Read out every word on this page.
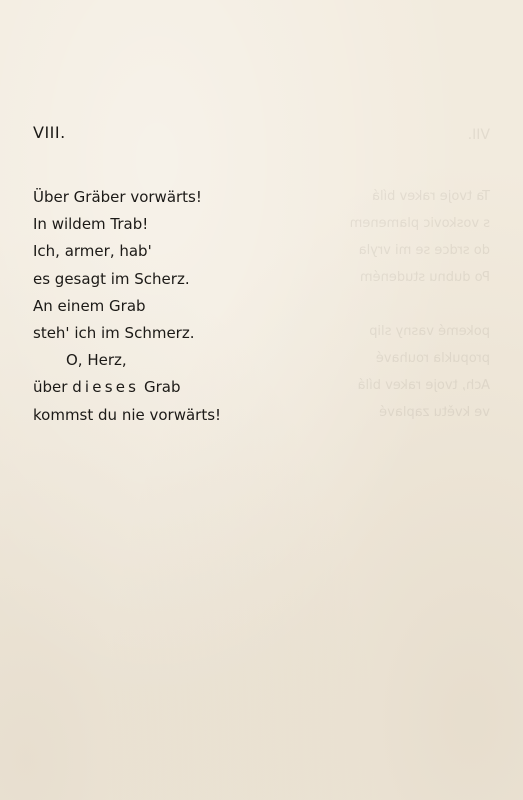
VII.
Ta tvoje rakev bílá
s voskovic plamenem
do srdce se mi vryla
Po dubnu studeném
pokemé vasny slip
propukla rouhavé
Ach, tvoje rakev bílá
ve květu zaplavé
VIII.
Über Gräber vorwärts!
In wildem Trab!
Ich, armer, hab'
es gesagt im Scherz.
An einem Grab
steh' ich im Schmerz.
O, Herz,
über dieses Grab
kommst du nie vorwärts!
